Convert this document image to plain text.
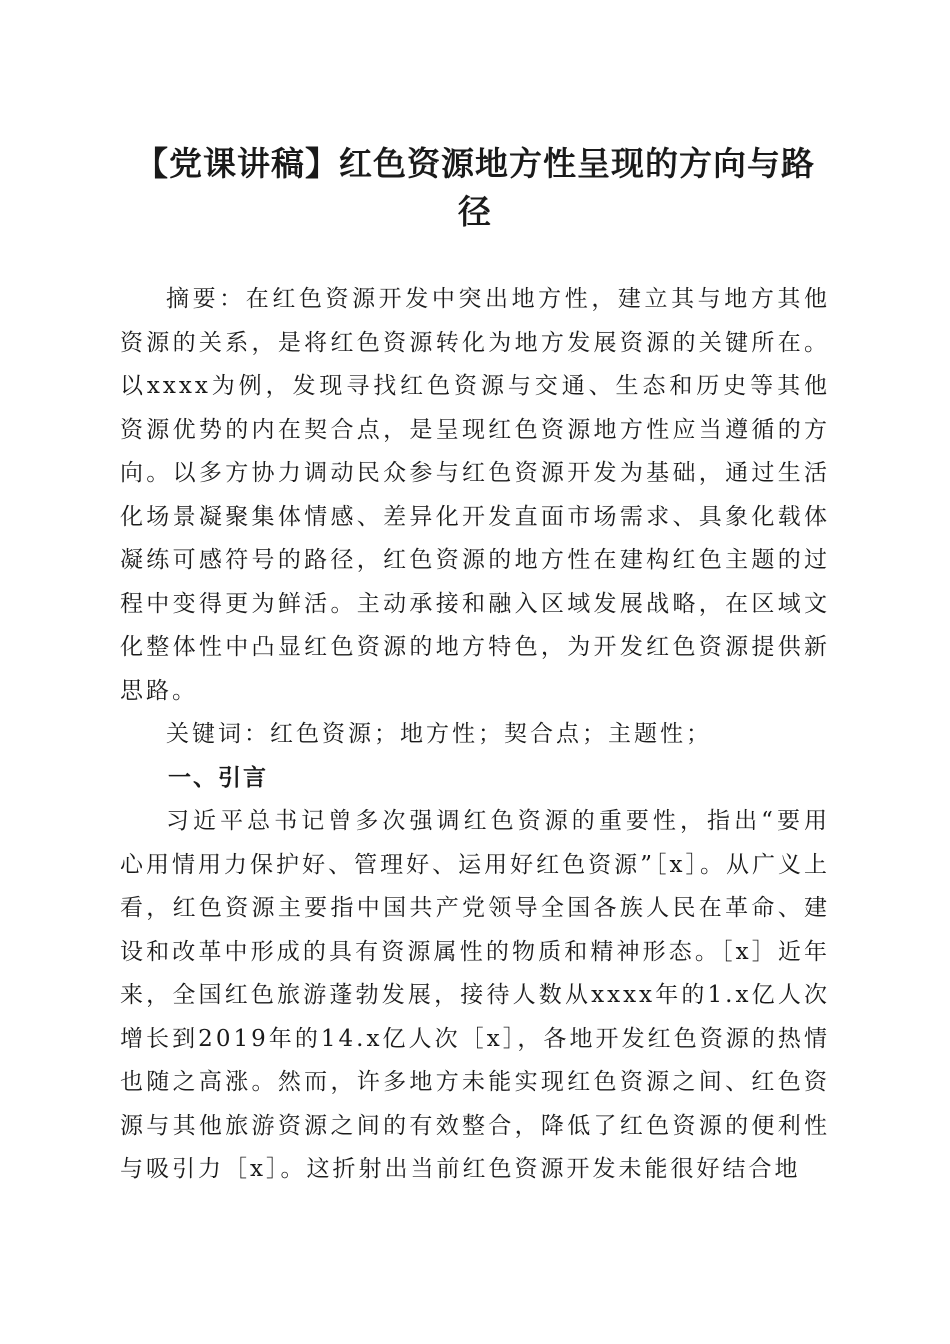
【党课讲稿】红色资源地方性呈现的方向与路
径

摘要：在红色资源开发中突出地方性，建立其与地方其他资源的关系，是将红色资源转化为地方发展资源的关键所在。以xxxx为例，发现寻找红色资源与交通、生态和历史等其他资源优势的内在契合点，是呈现红色资源地方性应当遵循的方向。以多方协力调动民众参与红色资源开发为基础，通过生活化场景凝聚集体情感、差异化开发直面市场需求、具象化载体凝练可感符号的路径，红色资源的地方性在建构红色主题的过程中变得更为鲜活。主动承接和融入区域发展战略，在区域文化整体性中凸显红色资源的地方特色，为开发红色资源提供新思路。

关键词：红色资源；地方性；契合点；主题性；

一、引言

习近平总书记曾多次强调红色资源的重要性，指出“要用心用情用力保护好、管理好、运用好红色资源”［x］。从广义上看，红色资源主要指中国共产党领导全国各族人民在革命、建设和改革中形成的具有资源属性的物质和精神形态。［x］近年来，全国红色旅游蓬勃发展，接待人数从xxxx年的1.x亿人次增长到2019年的14.x亿人次［x］，各地开发红色资源的热情也随之高涨。然而，许多地方未能实现红色资源之间、红色资源与其他旅游资源之间的有效整合，降低了红色资源的便利性与吸引力［x］。这折射出当前红色资源开发未能很好结合地
